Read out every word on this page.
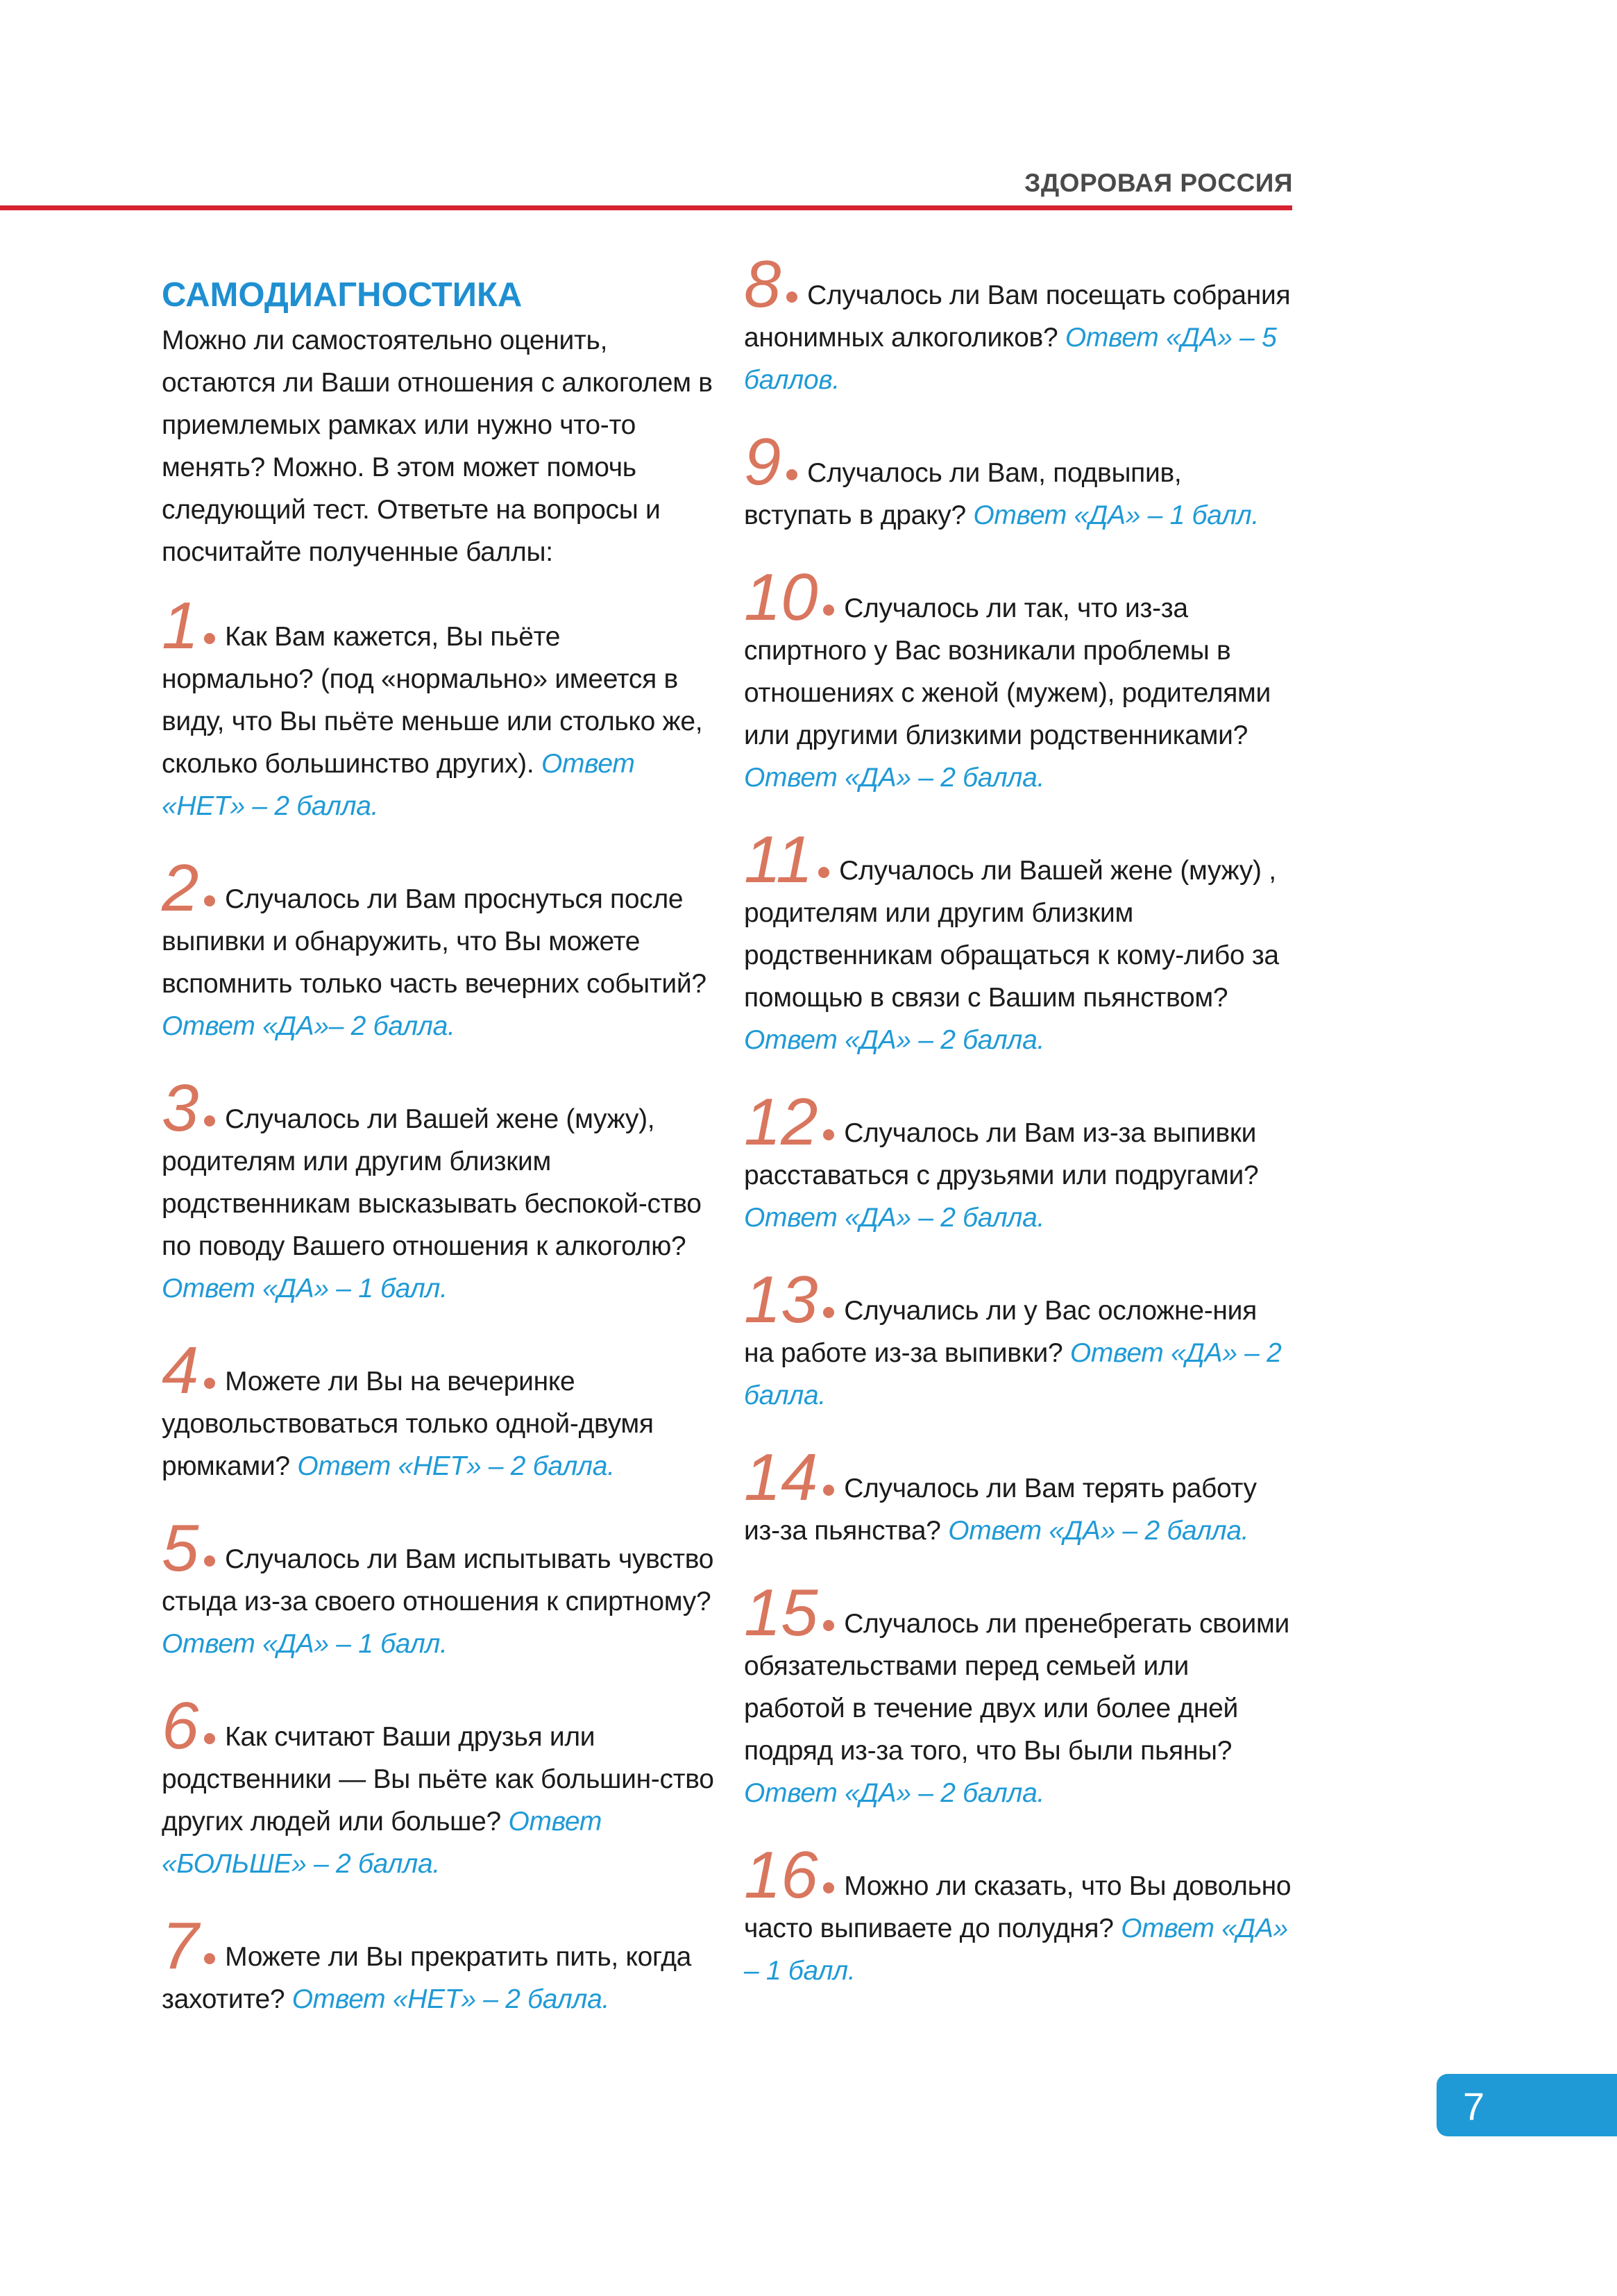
ЗДОРОВАЯ РОССИЯ
САМОДИАГНОСТИКА

Можно ли самостоятельно оценить, остаются ли Ваши отношения с алкоголем в приемлемых рамках или нужно что-то менять? Можно. В этом может помочь следующий тест. Ответьте на вопросы и посчитайте полученные баллы:

1 Как Вам кажется, Вы пьёте нормально? (под «нормально» имеется в виду, что Вы пьёте меньше или столько же, сколько большинство других). Ответ «НЕТ» – 2 балла.

2 Случалось ли Вам проснуться после выпивки и обнаружить, что Вы можете вспомнить только часть вечерних событий? Ответ «ДА»– 2 балла.

3 Случалось ли Вашей жене (мужу), родителям или другим близким родственникам высказывать беспокой-ство по поводу Вашего отношения к алкоголю? Ответ «ДА» – 1 балл.

4 Можете ли Вы на вечеринке удовольствоваться только одной-двумя рюмками? Ответ «НЕТ» – 2 балла.

5 Случалось ли Вам испытывать чувство стыда из-за своего отношения к спиртному? Ответ «ДА» – 1 балл.

6 Как считают Ваши друзья или родственники — Вы пьёте как большин-ство других людей или больше? Ответ «БОЛЬШЕ» – 2 балла.

7 Можете ли Вы прекратить пить, когда захотите? Ответ «НЕТ» – 2 балла.

8 Случалось ли Вам посещать собрания анонимных алкоголиков? Ответ «ДА» – 5 баллов.

9 Случалось ли Вам, подвыпив, вступать в драку? Ответ «ДА» – 1 балл.

10 Случалось ли так, что из-за спиртного у Вас возникали проблемы в отношениях с женой (мужем), родителями или другими близкими родственниками? Ответ «ДА» – 2 балла.

11 Случалось ли Вашей жене (мужу) , родителям или другим близким родственникам обращаться к кому-либо за помощью в связи с Вашим пьянством? Ответ «ДА» – 2 балла.

12 Случалось ли Вам из-за выпивки расставаться с друзьями или подругами? Ответ «ДА» – 2 балла.

13 Случались ли у Вас осложне-ния на работе из-за выпивки? Ответ «ДА» – 2 балла.

14 Случалось ли Вам терять работу из-за пьянства? Ответ «ДА» – 2 балла.

15 Случалось ли пренебрегать своими обязательствами перед семьей или работой в течение двух или более дней подряд из-за того, что Вы были пьяны? Ответ «ДА» – 2 балла.

16 Можно ли сказать, что Вы довольно часто выпиваете до полудня? Ответ «ДА» – 1 балл.

7
